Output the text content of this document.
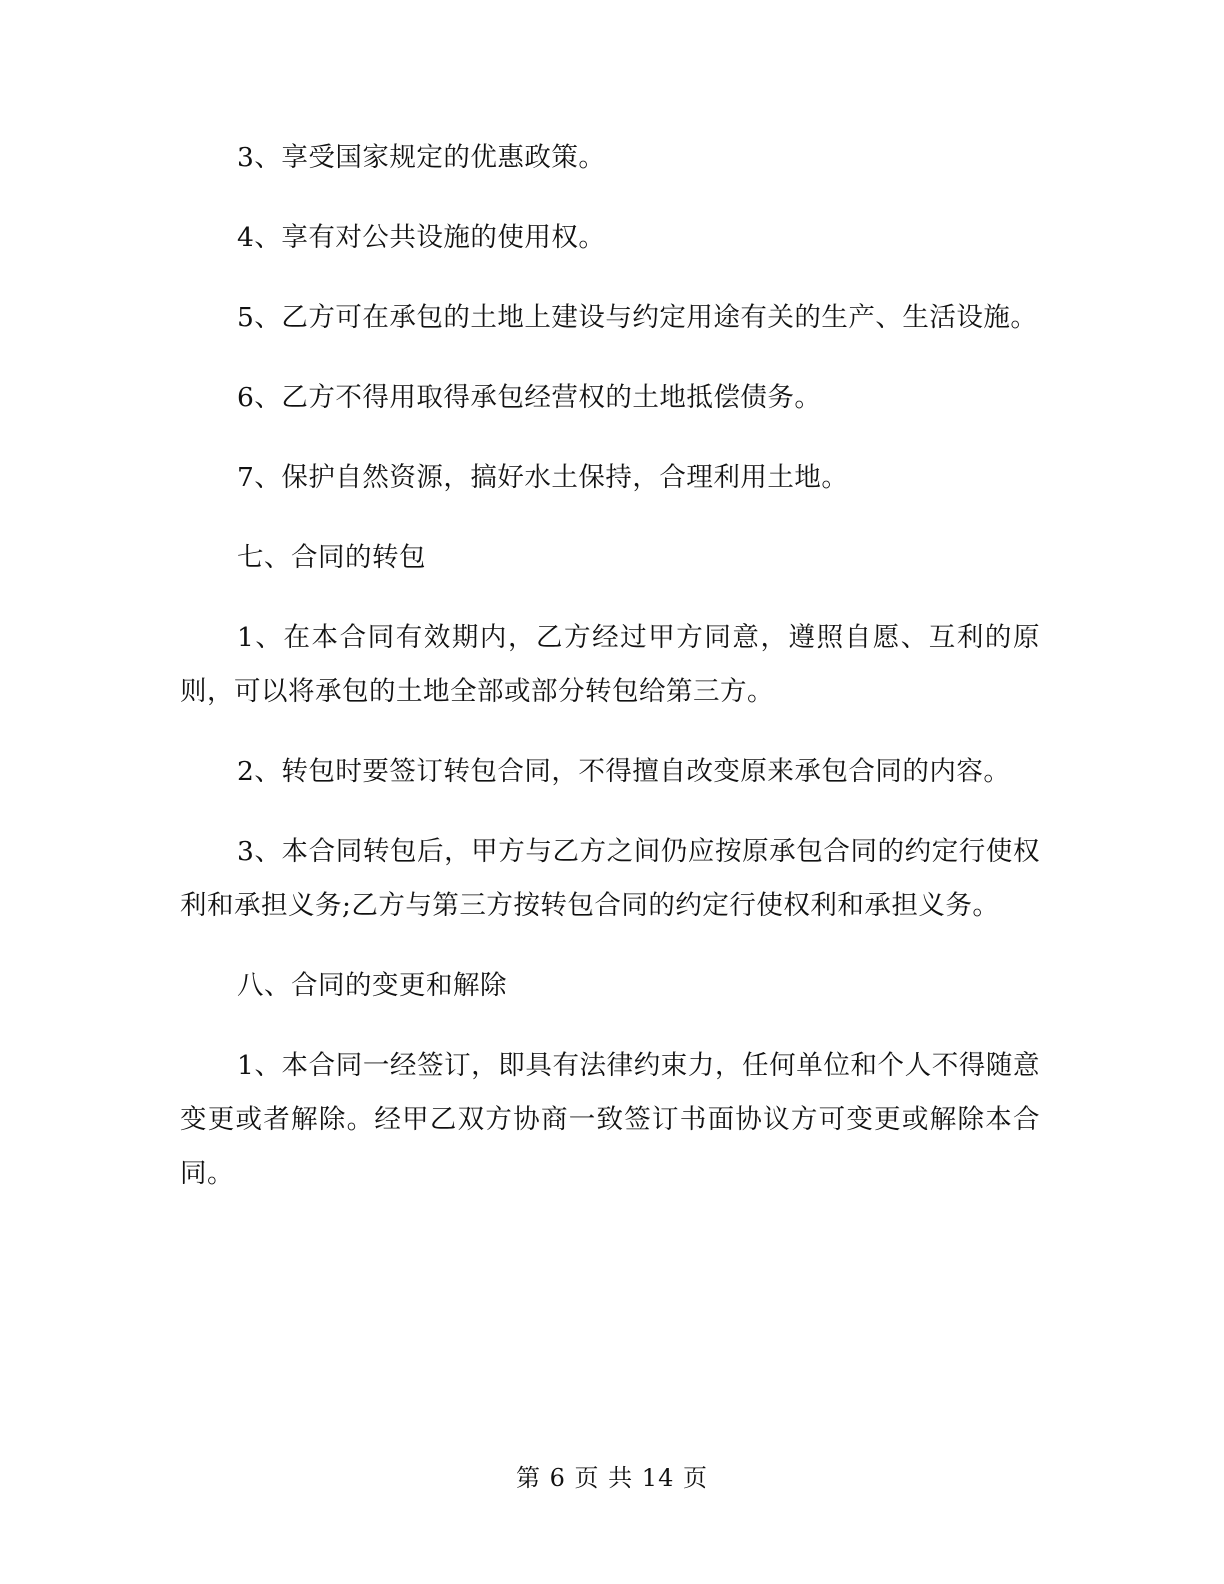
3、享受国家规定的优惠政策。

4、享有对公共设施的使用权。

5、乙方可在承包的土地上建设与约定用途有关的生产、生活设施。

6、乙方不得用取得承包经营权的土地抵偿债务。

7、保护自然资源，搞好水土保持，合理利用土地。

七、合同的转包

1、在本合同有效期内，乙方经过甲方同意，遵照自愿、互利的原则，可以将承包的土地全部或部分转包给第三方。

2、转包时要签订转包合同，不得擅自改变原来承包合同的内容。

3、本合同转包后，甲方与乙方之间仍应按原承包合同的约定行使权利和承担义务;乙方与第三方按转包合同的约定行使权利和承担义务。

八、合同的变更和解除

1、本合同一经签订，即具有法律约束力，任何单位和个人不得随意变更或者解除。经甲乙双方协商一致签订书面协议方可变更或解除本合同。

第 6 页 共 14 页
